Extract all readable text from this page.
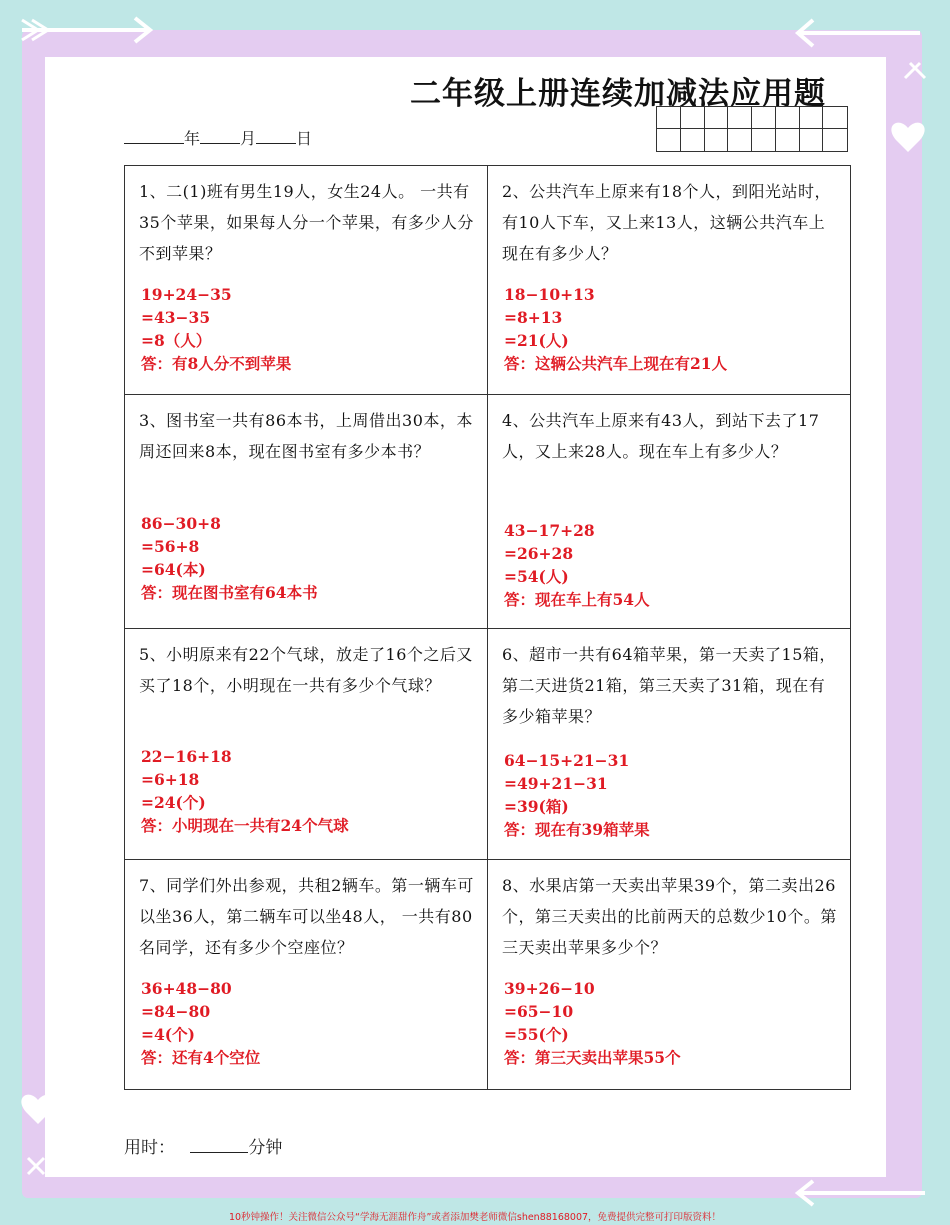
二年级上册连续加减法应用题
年	月	日

1、二(1)班有男生19人，女生24人。 一共有35个苹果，如果每人分一个苹果，有多少人分不到苹果？

19+24−35
=43−35
=8（人）
答：有8人分不到苹果

2、公共汽车上原来有18个人，到阳光站时，有10人下车，又上来13人，这辆公共汽车上现在有多少人？

18−10+13
=8+13
=21(人)
答：这辆公共汽车上现在有21人

3、图书室一共有86本书，上周借出30本，本周还回来8本，现在图书室有多少本书？

86−30+8
=56+8
=64(本)
答：现在图书室有64本书

4、公共汽车上原来有43人，到站下去了17人，又上来28人。现在车上有多少人？

43−17+28
=26+28
=54(人)
答：现在车上有54人

5、小明原来有22个气球，放走了16个之后又买了18个，小明现在一共有多少个气球？

22−16+18
=6+18
=24(个)
答：小明现在一共有24个气球

6、超市一共有64箱苹果，第一天卖了15箱，第二天进货21箱，第三天卖了31箱，现在有多少箱苹果？

64−15+21−31
=49+21−31
=39(箱)
答：现在有39箱苹果

7、同学们外出参观，共租2辆车。第一辆车可以坐36人，第二辆车可以坐48人， 一共有80名同学，还有多少个空座位？

36+48−80
=84−80
=4(个)
答：还有4个空位

8、水果店第一天卖出苹果39个，第二卖出26个，第三天卖出的比前两天的总数少10个。第三天卖出苹果多少个？

39+26−10
=65−10
=55(个)
答：第三天卖出苹果55个
用时：	分钟
10秒钟操作！关注微信公众号“学海无涯甜作舟”或者添加樊老师微信shen88168007，免费提供完整可打印版资料！
